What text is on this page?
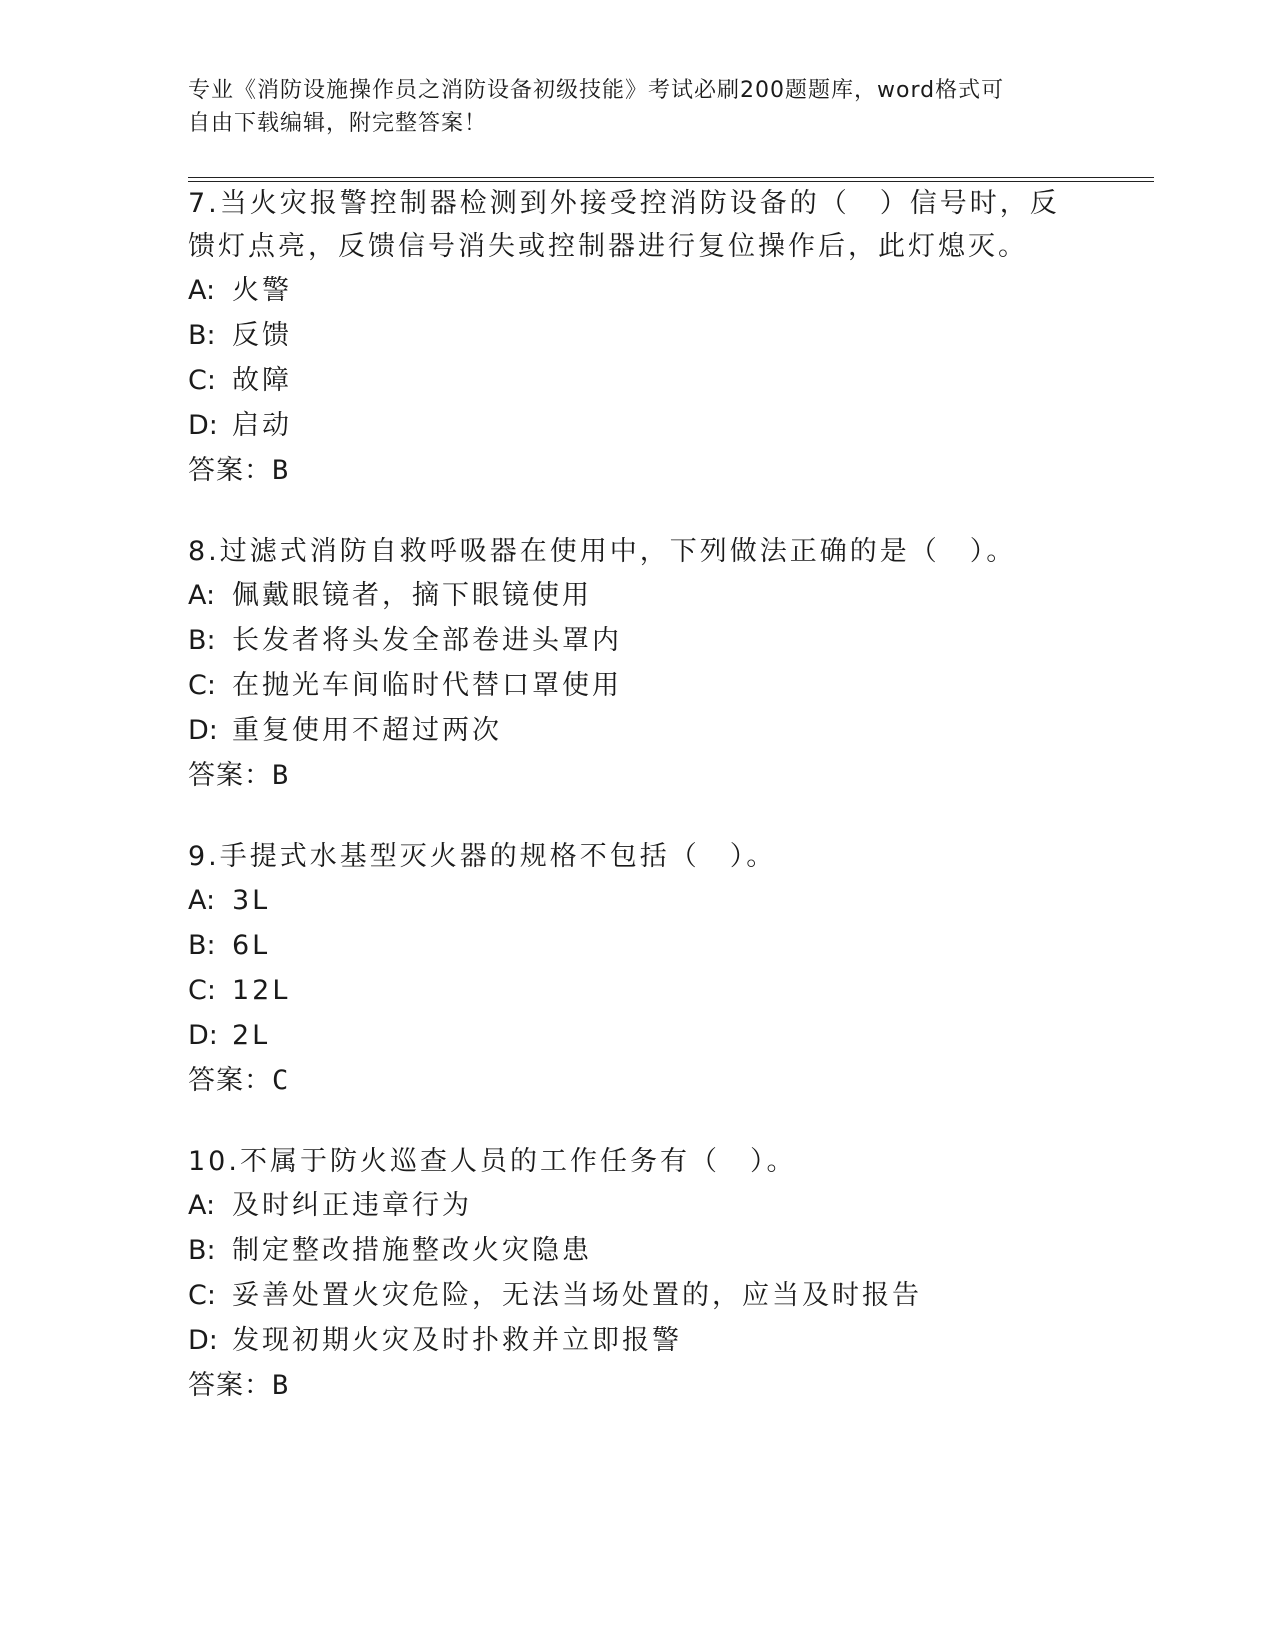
专业《消防设施操作员之消防设备初级技能》考试必刷200题题库，word格式可
自由下载编辑，附完整答案！

7.当火灾报警控制器检测到外接受控消防设备的（　）信号时，反馈灯点亮，反馈信号消失或控制器进行复位操作后，此灯熄灭。

A: 火警

B: 反馈

C: 故障

D: 启动

答案：B

8.过滤式消防自救呼吸器在使用中，下列做法正确的是（　）。

A: 佩戴眼镜者，摘下眼镜使用

B: 长发者将头发全部卷进头罩内

C: 在抛光车间临时代替口罩使用

D: 重复使用不超过两次

答案：B

9.手提式水基型灭火器的规格不包括（　）。

A: 3L

B: 6L

C: 12L

D: 2L

答案：C

10.不属于防火巡查人员的工作任务有（　）。

A: 及时纠正违章行为

B: 制定整改措施整改火灾隐患

C: 妥善处置火灾危险，无法当场处置的，应当及时报告

D: 发现初期火灾及时扑救并立即报警

答案：B
